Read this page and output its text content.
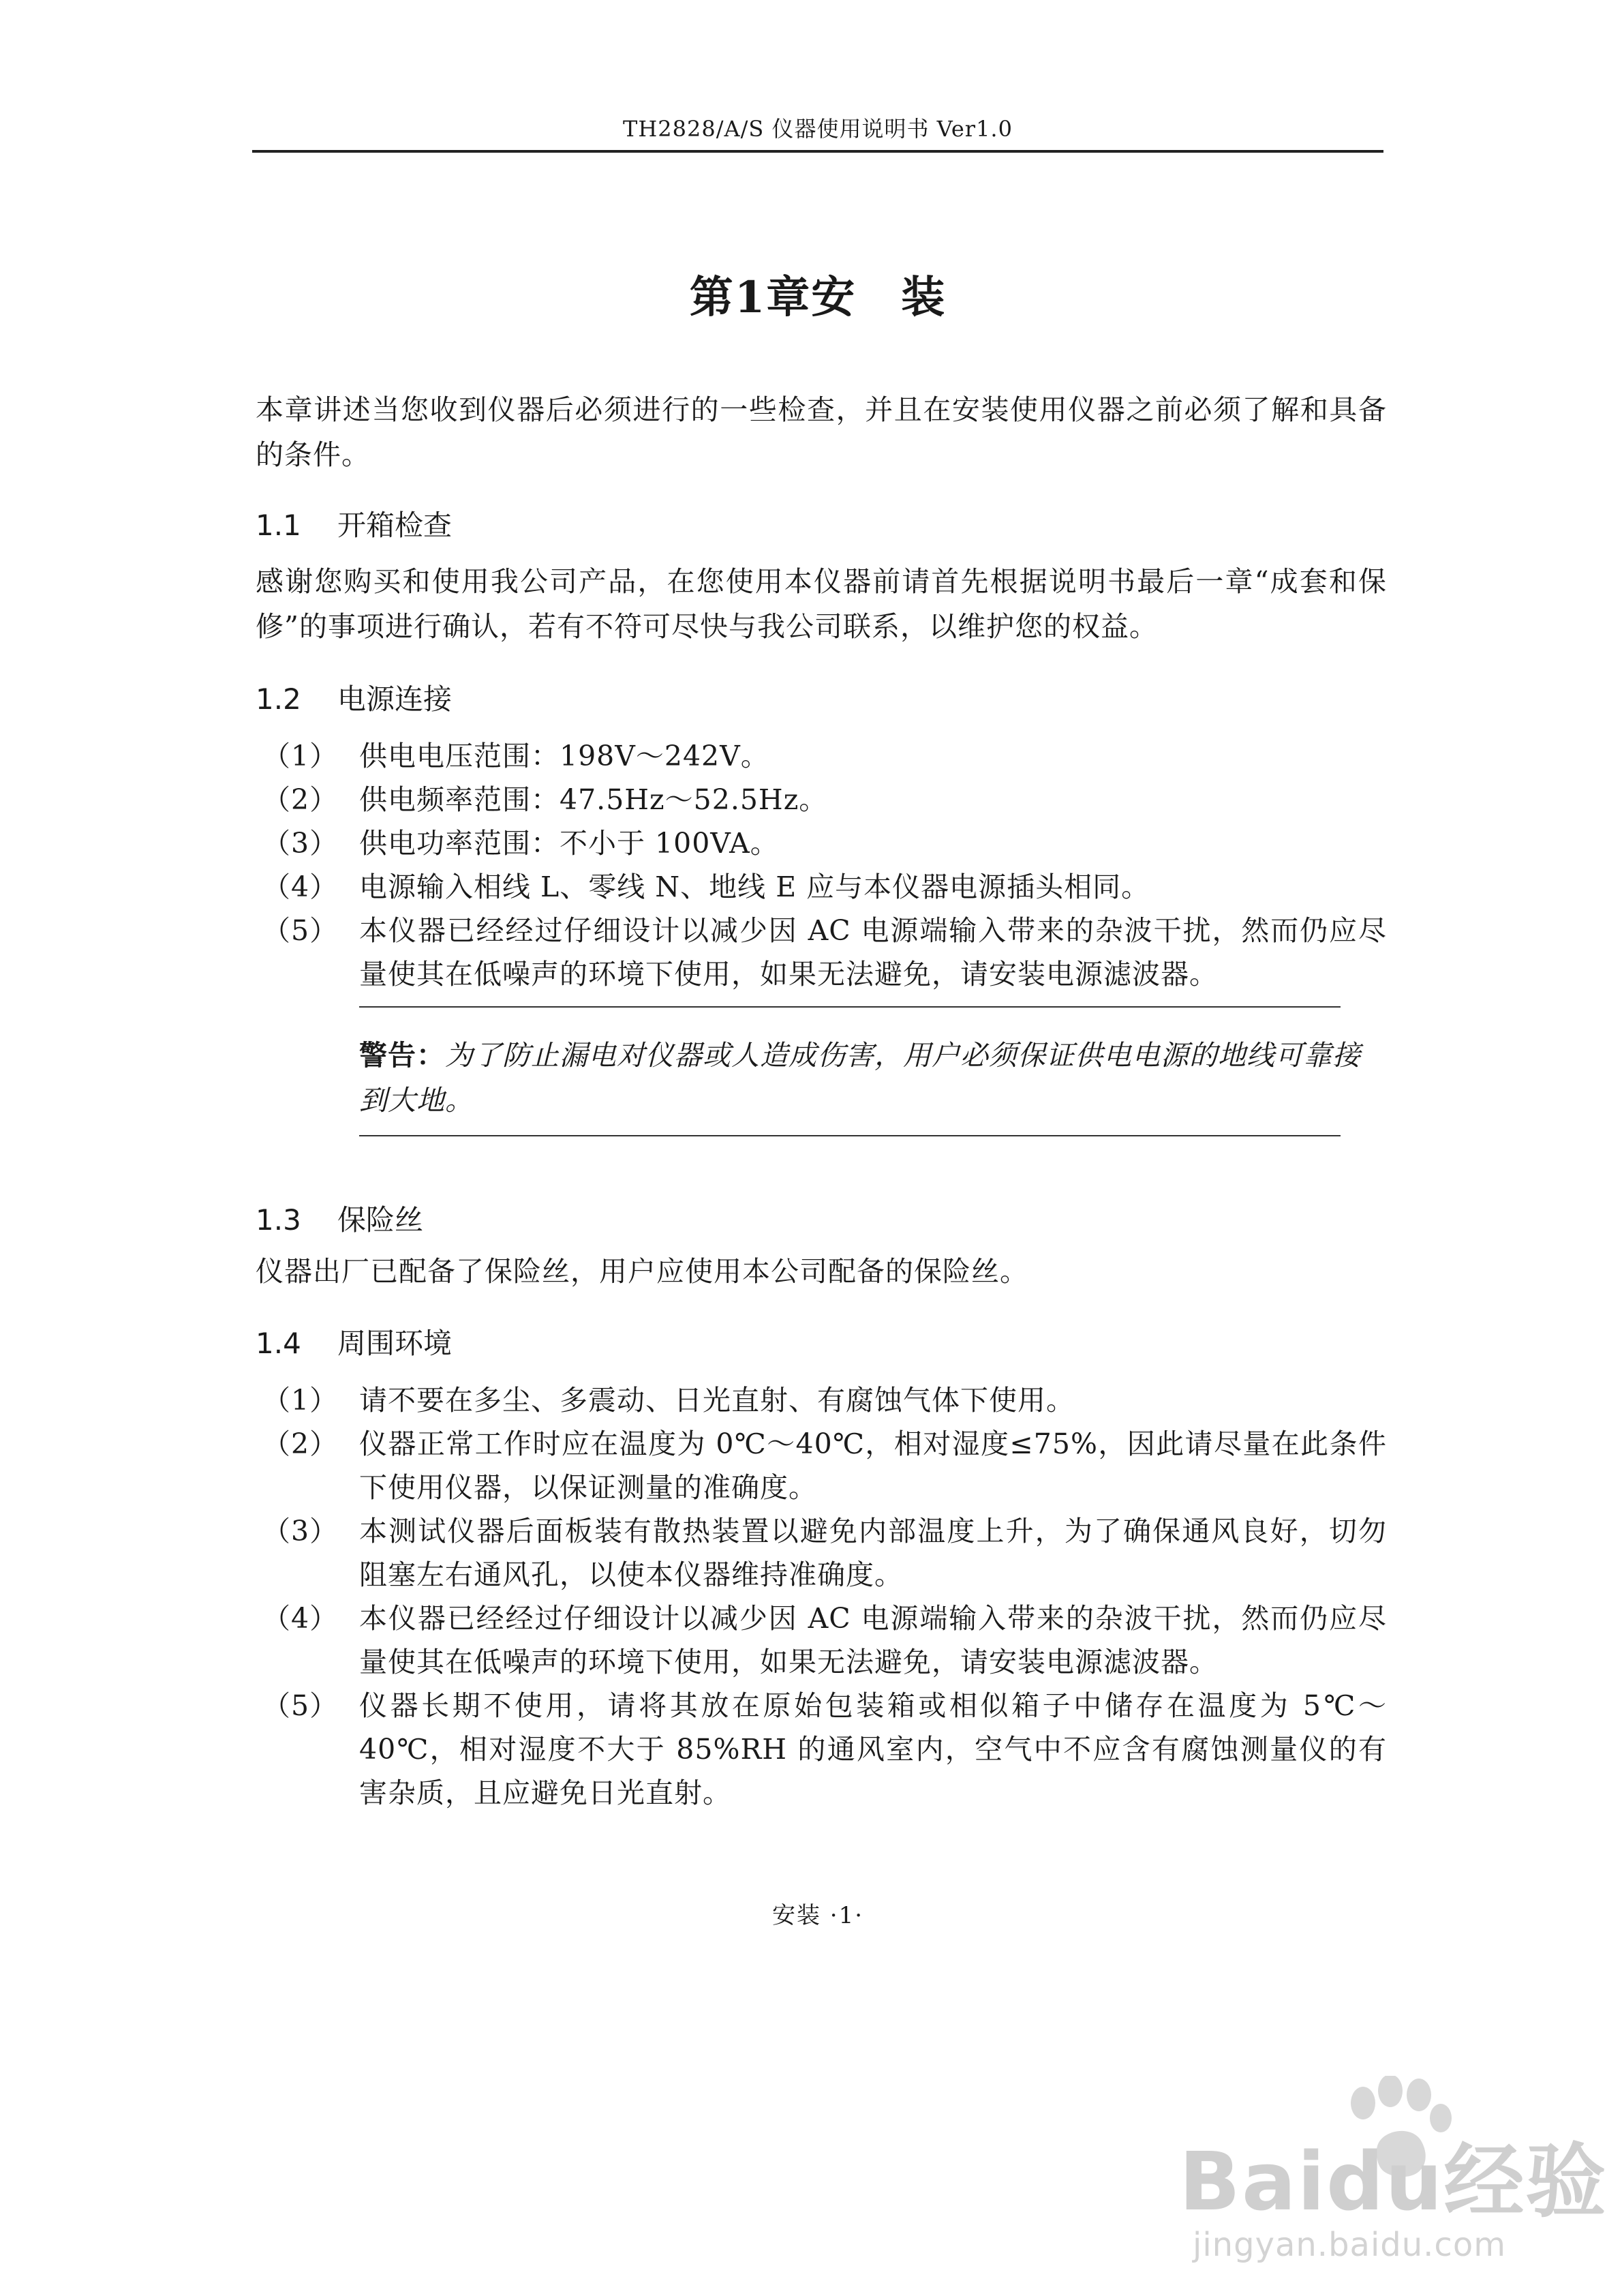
TH2828/A/S 仪器使用说明书 Ver1.0
第1章安　装

本章讲述当您收到仪器后必须进行的一些检查，并且在安装使用仪器之前必须了解和具备的条件。

1.1 开箱检查

感谢您购买和使用我公司产品，在您使用本仪器前请首先根据说明书最后一章“成套和保修”的事项进行确认，若有不符可尽快与我公司联系，以维护您的权益。

1.2 电源连接
（1） 供电电压范围：198V～242V。
（2） 供电频率范围：47.5Hz～52.5Hz。
（3） 供电功率范围：不小于 100VA。
（4） 电源输入相线 L、零线 N、地线 E 应与本仪器电源插头相同。
（5） 本仪器已经经过仔细设计以减少因 AC 电源端输入带来的杂波干扰，然而仍应尽量使其在低噪声的环境下使用，如果无法避免，请安装电源滤波器。
警告：为了防止漏电对仪器或人造成伤害，用户必须保证供电电源的地线可靠接到大地。
1.3 保险丝

仪器出厂已配备了保险丝，用户应使用本公司配备的保险丝。

1.4 周围环境
（1） 请不要在多尘、多震动、日光直射、有腐蚀气体下使用。
（2） 仪器正常工作时应在温度为 0℃～40℃，相对湿度≤75%，因此请尽量在此条件下使用仪器，以保证测量的准确度。
（3） 本测试仪器后面板装有散热装置以避免内部温度上升，为了确保通风良好，切勿阻塞左右通风孔，以使本仪器维持准确度。
（4） 本仪器已经经过仔细设计以减少因 AC 电源端输入带来的杂波干扰，然而仍应尽量使其在低噪声的环境下使用，如果无法避免，请安装电源滤波器。
（5） 仪器长期不使用，请将其放在原始包装箱或相似箱子中储存在温度为 5℃～40℃，相对湿度不大于 85%RH 的通风室内，空气中不应含有腐蚀测量仪的有害杂质，且应避免日光直射。
安装 ·1·
Baidu经验
jingyan.baidu.com
